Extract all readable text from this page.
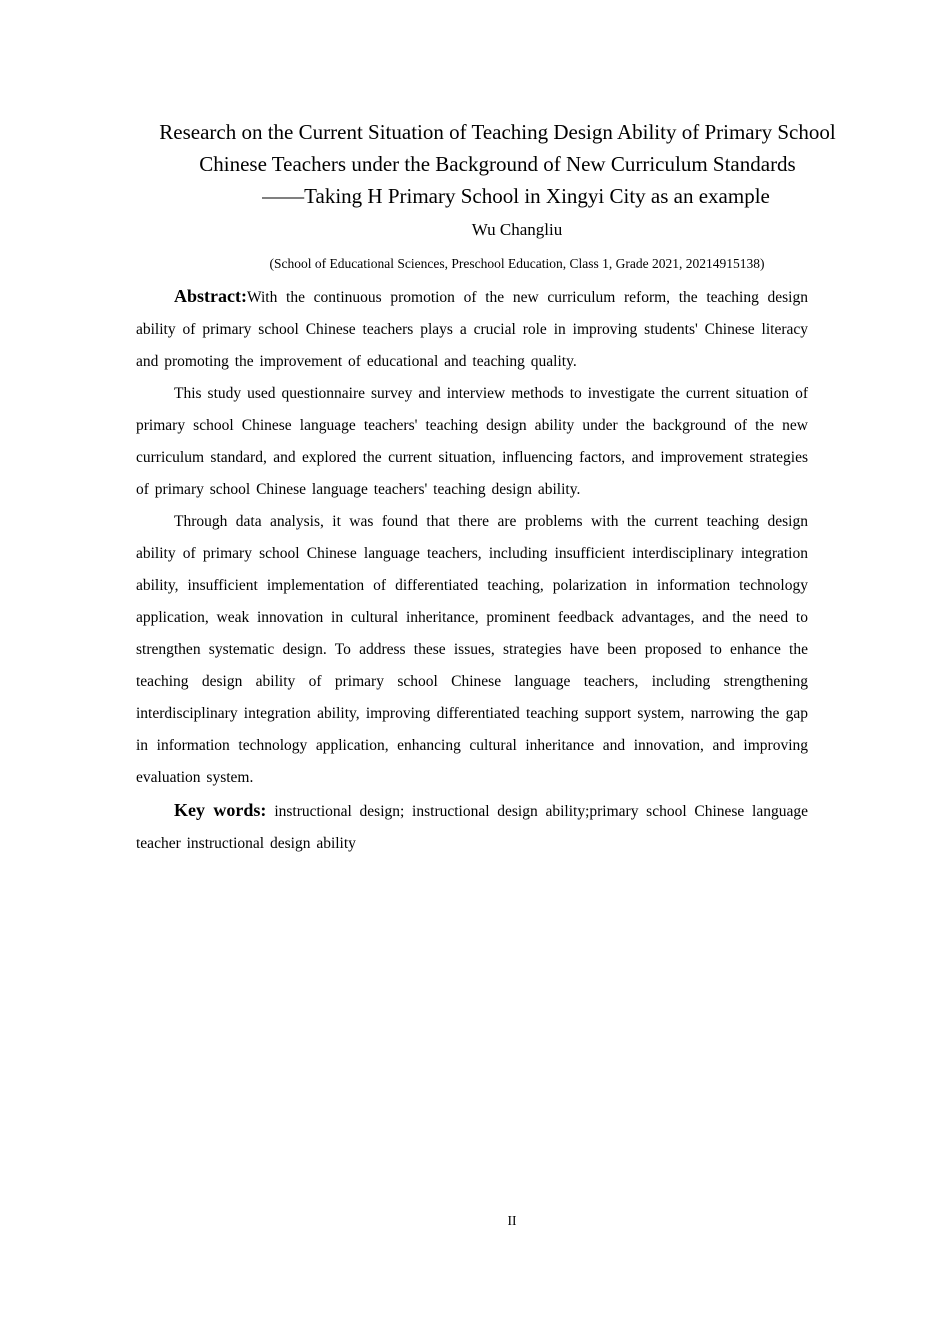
Research on the Current Situation of Teaching Design Ability of Primary School
Chinese Teachers under the Background of New Curriculum Standards
——Taking H Primary School in Xingyi City as an example
Wu Changliu
(School of Educational Sciences, Preschool Education, Class 1, Grade 2021, 20214915138)

Abstract:With the continuous promotion of the new curriculum reform, the teaching design ability of primary school Chinese teachers plays a crucial role in improving students' Chinese literacy and promoting the improvement of educational and teaching quality.

This study used questionnaire survey and interview methods to investigate the current situation of primary school Chinese language teachers' teaching design ability under the background of the new curriculum standard, and explored the current situation, influencing factors, and improvement strategies of primary school Chinese language teachers' teaching design ability.

Through data analysis, it was found that there are problems with the current teaching design ability of primary school Chinese language teachers, including insufficient interdisciplinary integration ability, insufficient implementation of differentiated teaching, polarization in information technology application, weak innovation in cultural inheritance, prominent feedback advantages, and the need to strengthen systematic design. To address these issues, strategies have been proposed to enhance the teaching design ability of primary school Chinese language teachers, including strengthening interdisciplinary integration ability, improving differentiated teaching support system, narrowing the gap in information technology application, enhancing cultural inheritance and innovation, and improving evaluation system.

Key words: instructional design; instructional design ability;primary school Chinese language teacher instructional design ability

II
